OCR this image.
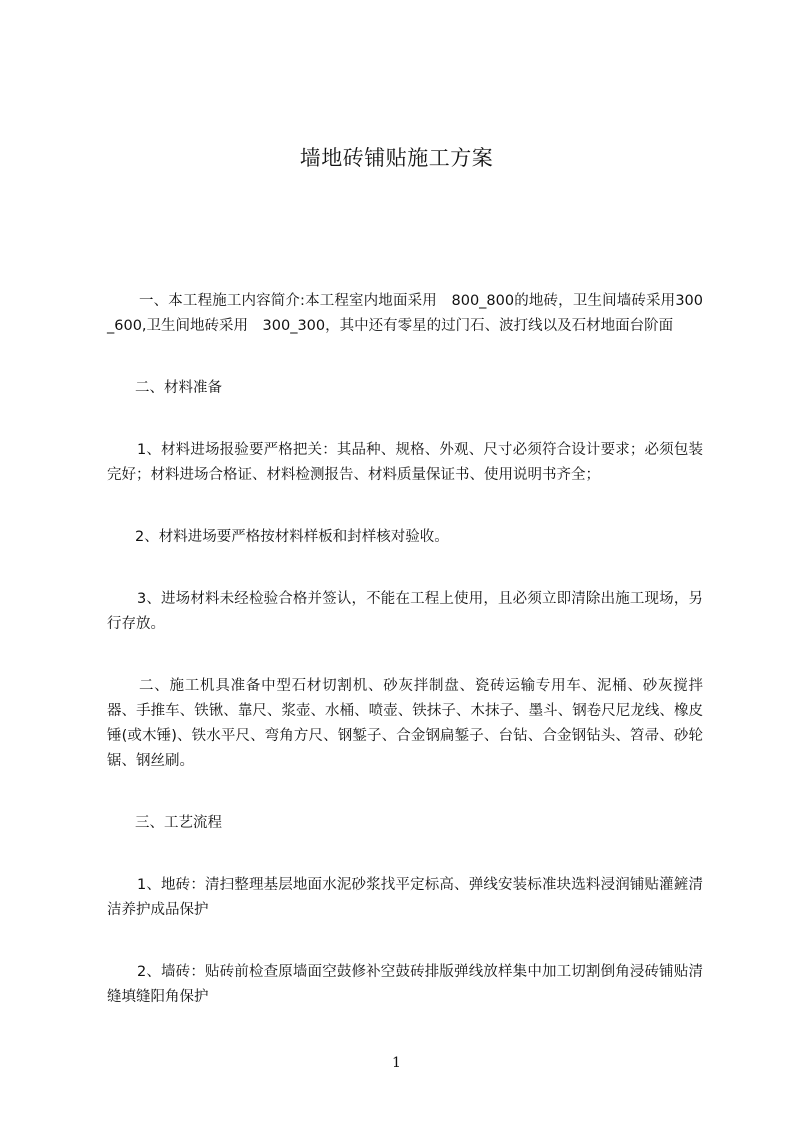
墙地砖铺贴施工方案

一、本工程施工内容简介:本工程室内地面采用　800_800的地砖，卫生间墙砖采用300_600,卫生间地砖采用　300_300，其中还有零星的过门石、波打线以及石材地面台阶面

二、材料准备

1、材料进场报验要严格把关：其品种、规格、外观、尺寸必须符合设计要求；必须包装完好；材料进场合格证、材料检测报告、材料质量保证书、使用说明书齐全；

2、材料进场要严格按材料样板和封样核对验收。

3、进场材料未经检验合格并签认，不能在工程上使用，且必须立即清除出施工现场，另行存放。

二、施工机具准备中型石材切割机、砂灰拌制盘、瓷砖运输专用车、泥桶、砂灰搅拌器、手推车、铁锹、靠尺、浆壶、水桶、喷壶、铁抹子、木抹子、墨斗、钢卷尺尼龙线、橡皮锤(或木锤)、铁水平尺、弯角方尺、钢錾子、合金钢扁錾子、台钻、合金钢钻头、笤帚、砂轮锯、钢丝刷。

三、工艺流程

1、地砖：清扫整理基层地面水泥砂浆找平定标高、弹线安装标准块选料浸润铺贴灌鏟清洁养护成品保护

2、墙砖：贴砖前检查原墙面空鼓修补空鼓砖排版弹线放样集中加工切割倒角浸砖铺贴清缝填缝阳角保护

1
